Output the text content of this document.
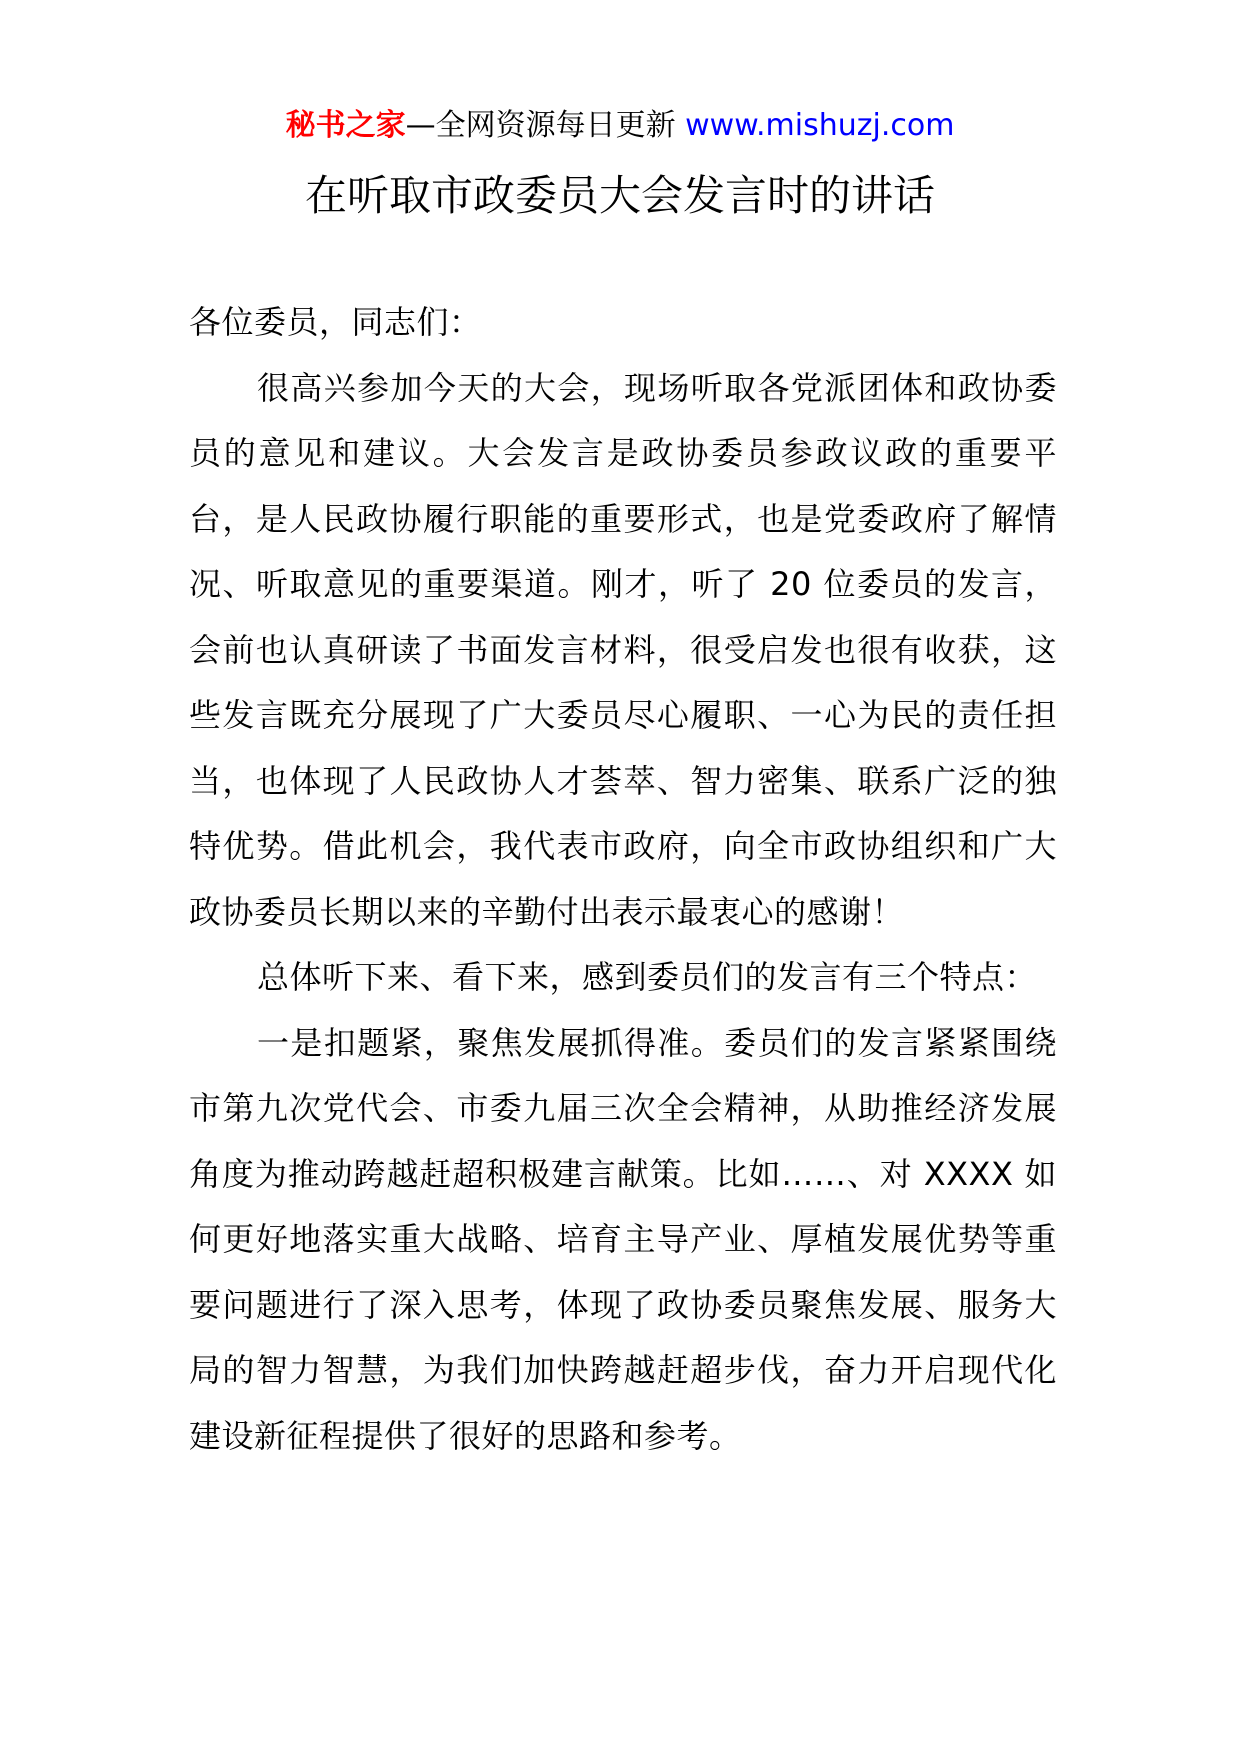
秘书之家—全网资源每日更新 www.mishuzj.com
在听取市政委员大会发言时的讲话

各位委员，同志们：

很高兴参加今天的大会，现场听取各党派团体和政协委员的意见和建议。大会发言是政协委员参政议政的重要平台，是人民政协履行职能的重要形式，也是党委政府了解情况、听取意见的重要渠道。刚才，听了 20 位委员的发言，会前也认真研读了书面发言材料，很受启发也很有收获，这些发言既充分展现了广大委员尽心履职、一心为民的责任担当，也体现了人民政协人才荟萃、智力密集、联系广泛的独特优势。借此机会，我代表市政府，向全市政协组织和广大政协委员长期以来的辛勤付出表示最衷心的感谢！

总体听下来、看下来，感到委员们的发言有三个特点：

一是扣题紧，聚焦发展抓得准。委员们的发言紧紧围绕市第九次党代会、市委九届三次全会精神，从助推经济发展角度为推动跨越赶超积极建言献策。比如……、对 XXXX 如何更好地落实重大战略、培育主导产业、厚植发展优势等重要问题进行了深入思考，体现了政协委员聚焦发展、服务大局的智力智慧，为我们加快跨越赶超步伐，奋力开启现代化建设新征程提供了很好的思路和参考。
